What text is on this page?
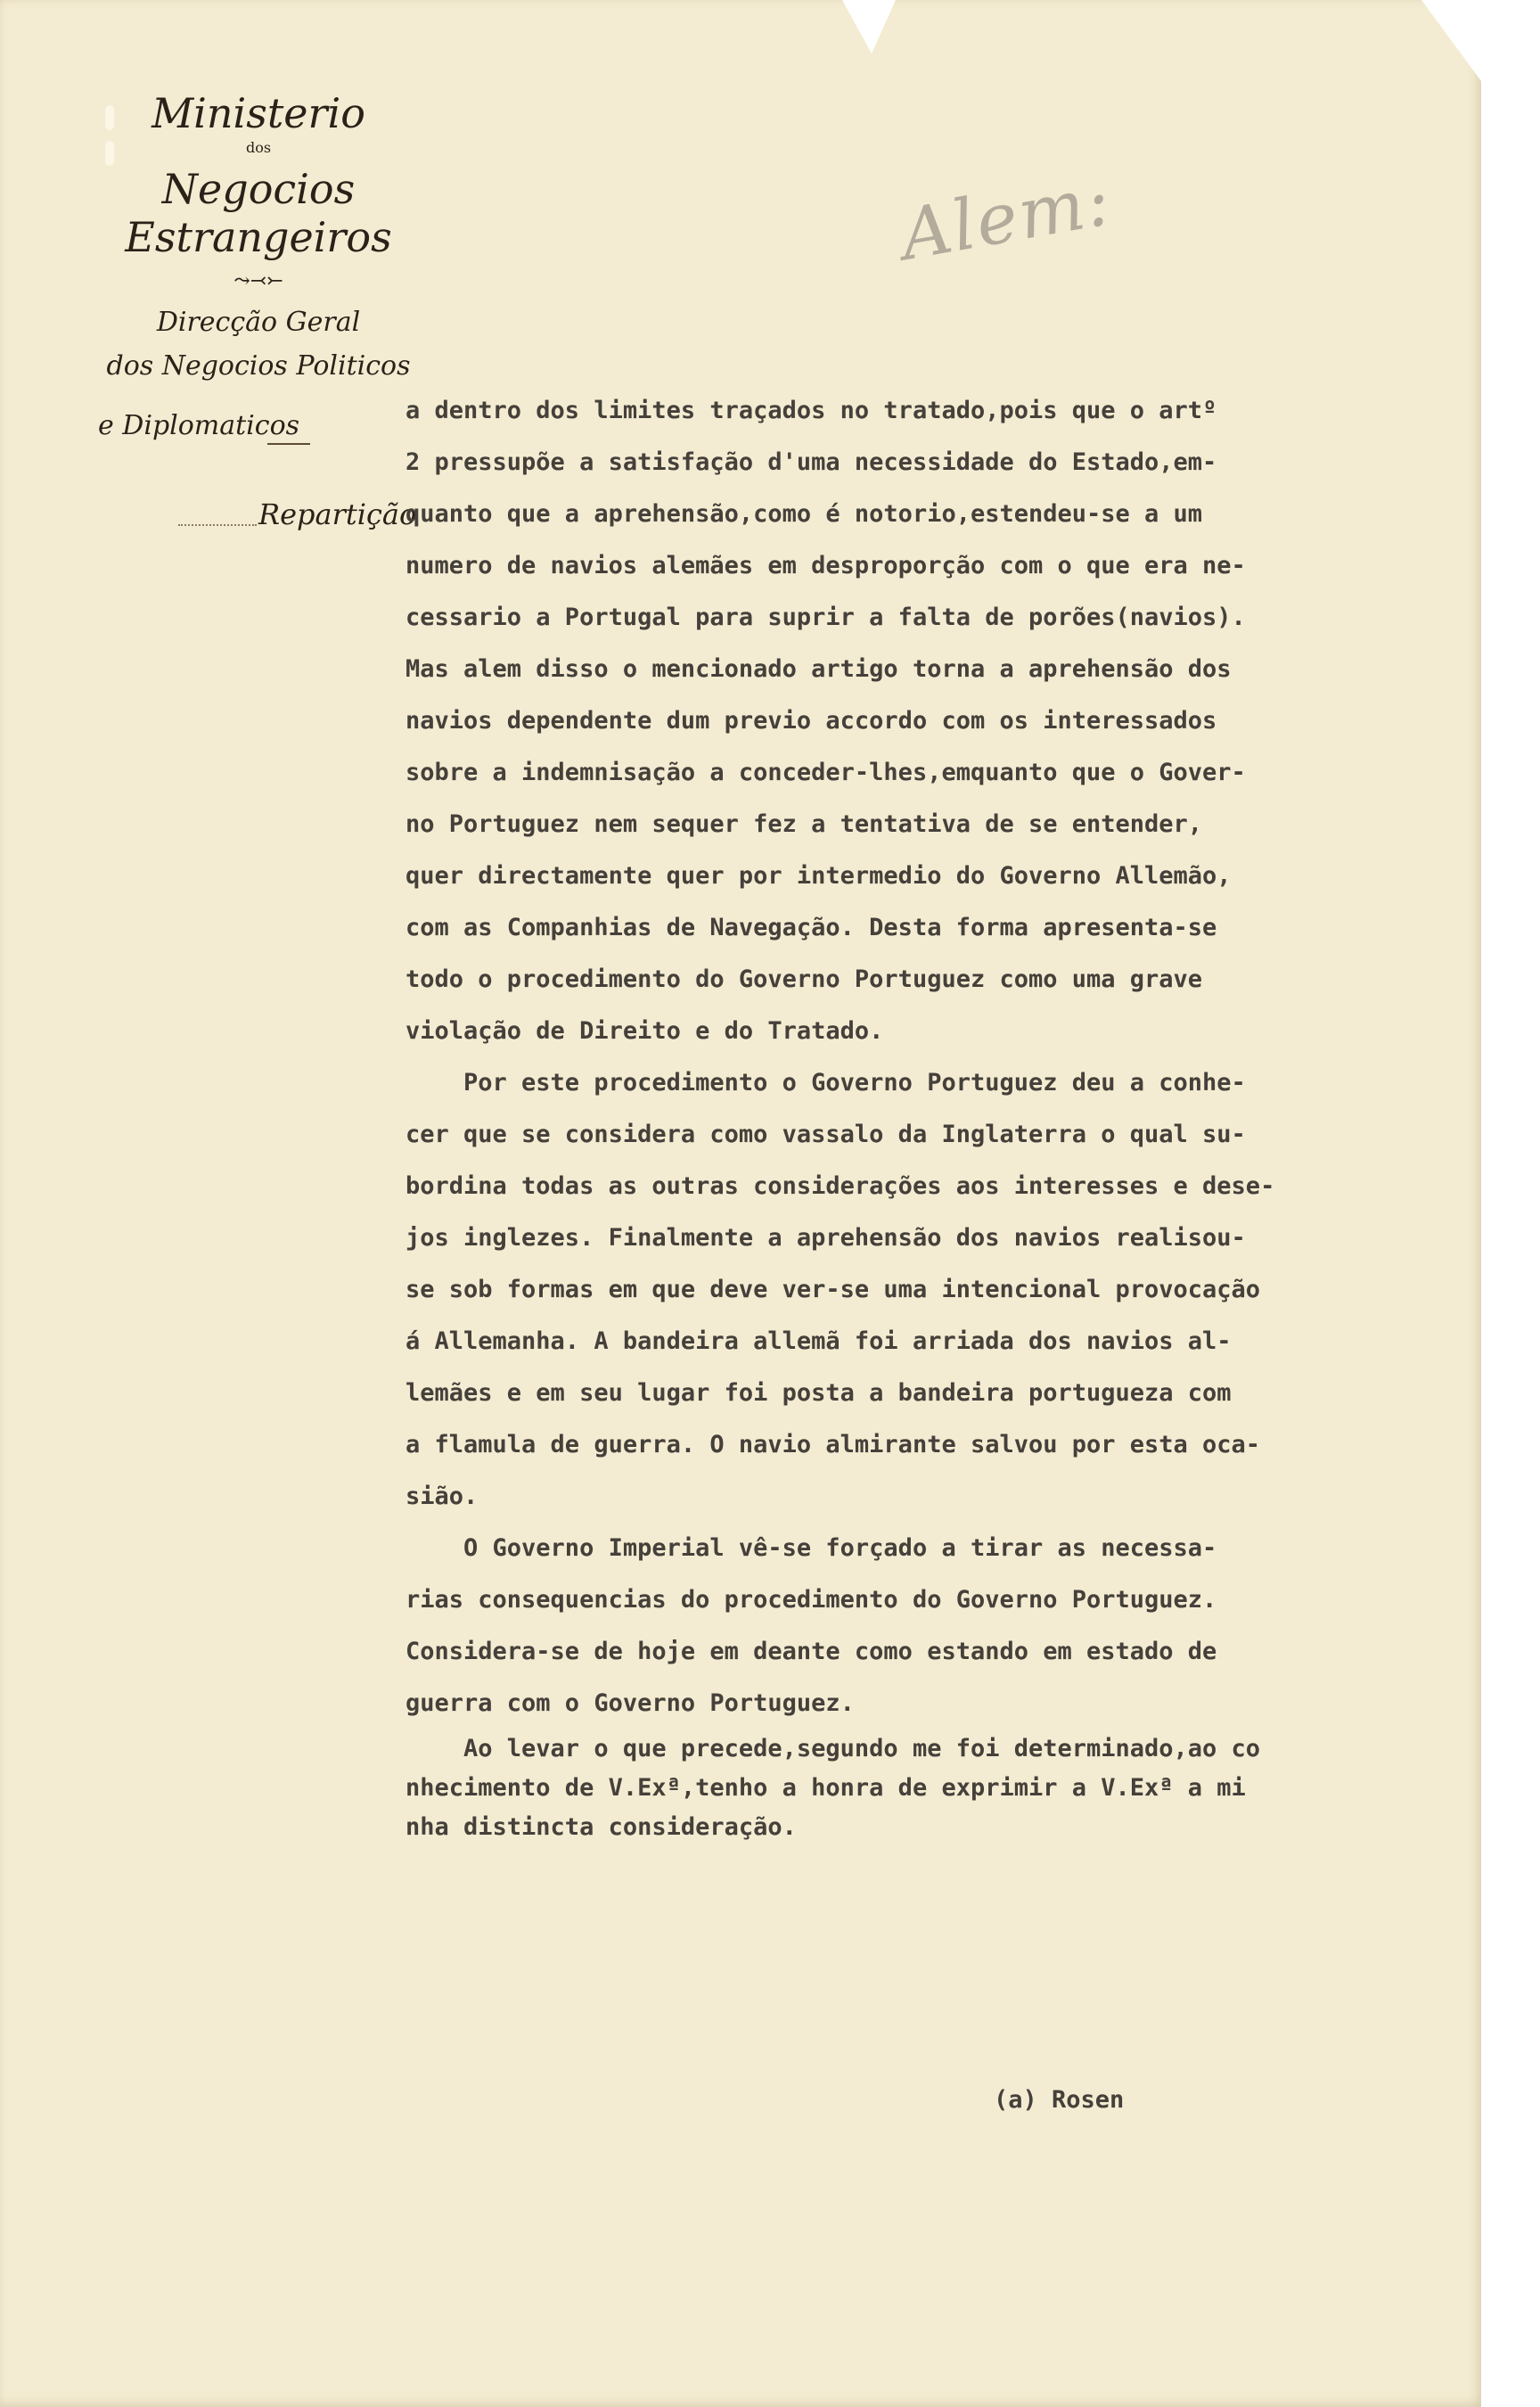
Ministerio
dos
Negocios Estrangeiros
⤳⤙⤚
Direcção Geral
dos Negocios Politicos
e Diplomaticos
Repartição
Alem:
a dentro dos limites traçados no tratado,pois que o artº
2 pressupõe a satisfação d'uma necessidade do Estado,em-
quanto que a aprehensão,como é notorio,estendeu-se a um
numero de navios alemães em desproporção com o que era ne-
cessario a Portugal para suprir a falta de porões(navios).
Mas alem disso o mencionado artigo torna a aprehensão dos
navios dependente dum previo accordo com os interessados
sobre a indemnisação a conceder-lhes,emquanto que o Gover-
no Portuguez nem sequer fez a tentativa de se entender,
quer directamente quer por intermedio do Governo Allemão,
com as Companhias de Navegação. Desta forma apresenta-se
todo o procedimento do Governo Portuguez como uma grave
violação de Direito e do Tratado.
Por este procedimento o Governo Portuguez deu a conhe-
cer que se considera como vassalo da Inglaterra o qual su-
bordina todas as outras considerações aos interesses e dese-
jos inglezes. Finalmente a aprehensão dos navios realisou-
se sob formas em que deve ver-se uma intencional provocação
á Allemanha. A bandeira allemã foi arriada dos navios al-
lemães e em seu lugar foi posta a bandeira portugueza com
a flamula de guerra. O navio almirante salvou por esta oca-
sião.
O Governo Imperial vê-se forçado a tirar as necessa-
rias consequencias do procedimento do Governo Portuguez.
Considera-se de hoje em deante como estando em estado de
guerra com o Governo Portuguez.
Ao levar o que precede,segundo me foi determinado,ao co
nhecimento de V.Exª,tenho a honra de exprimir a V.Exª a mi
nha distincta consideração.
(a) Rosen
